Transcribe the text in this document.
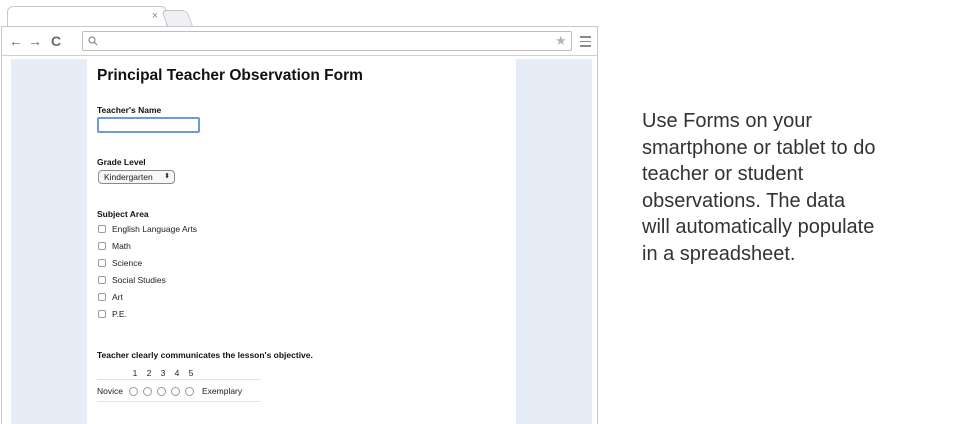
×
← → C	★
Principal Teacher Observation Form
Teacher's Name
Grade Level
Kindergarten ⬍
Subject Area
English Language Arts
Math
Science
Social Studies
Art
P.E.
Teacher clearly communicates the lesson's objective.
1 2 3 4 5
Novice	Exemplary
Use Forms on your
smartphone or tablet to do
teacher or student
observations. The data
will automatically populate
in a spreadsheet.
